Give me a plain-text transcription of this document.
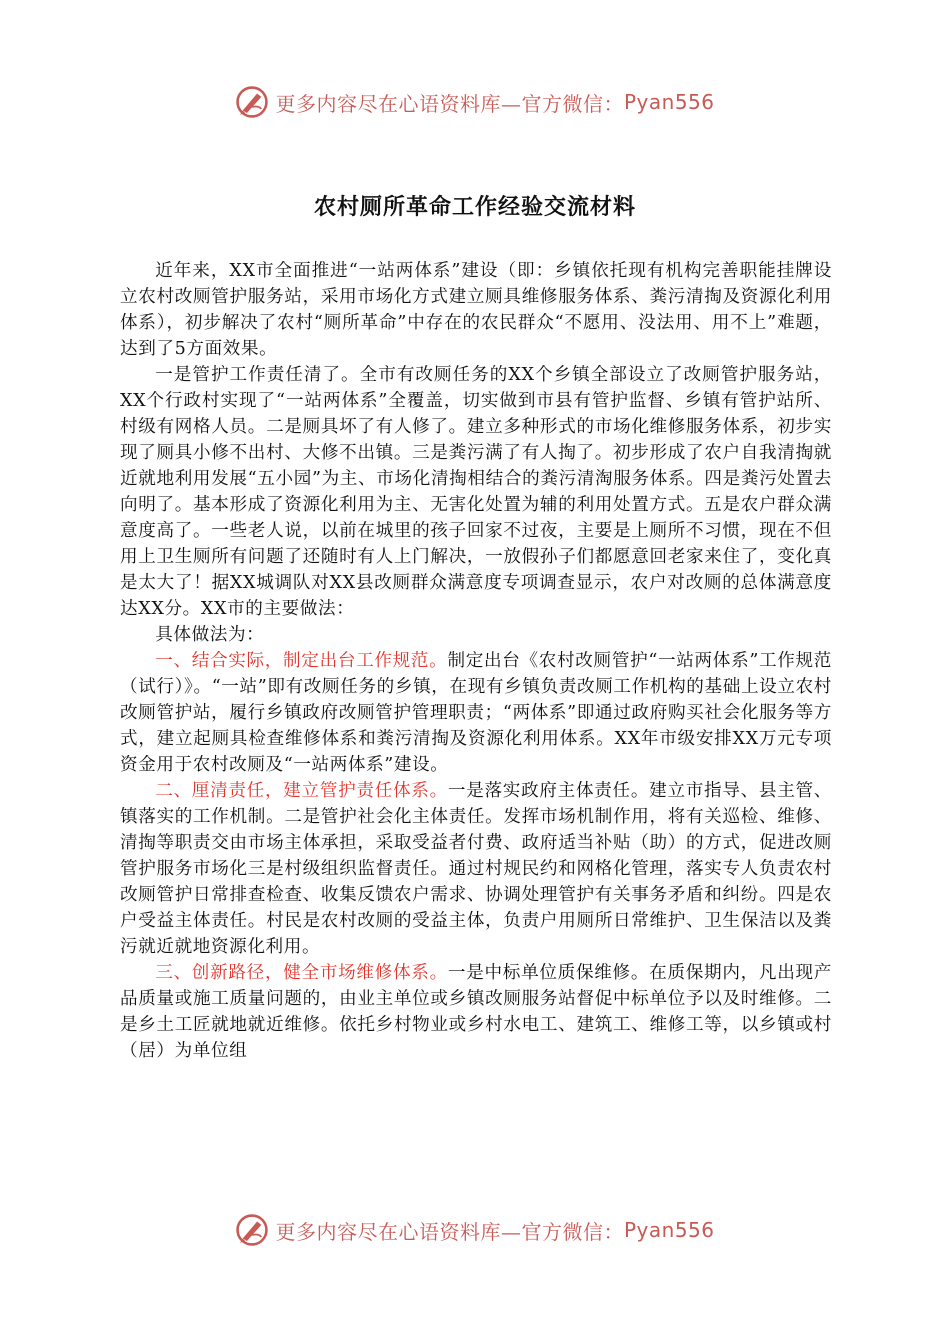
更多内容尽在心语资料库—官方微信： Pyan556
农村厕所革命工作经验交流材料

近年来，XX市全面推进“一站两体系”建设（即：乡镇依托现有机构完善职能挂牌设立农村改厕管护服务站，采用市场化方式建立厕具维修服务体系、粪污清掏及资源化利用体系），初步解决了农村“厕所革命”中存在的农民群众“不愿用、没法用、用不上”难题，达到了5方面效果。

一是管护工作责任清了。全市有改厕任务的XX个乡镇全部设立了改厕管护服务站，XX个行政村实现了“一站两体系”全覆盖，切实做到市县有管护监督、乡镇有管护站所、村级有网格人员。二是厕具坏了有人修了。建立多种形式的市场化维修服务体系，初步实现了厕具小修不出村、大修不出镇。三是粪污满了有人掏了。初步形成了农户自我清掏就近就地利用发展“五小园”为主、市场化清掏相结合的粪污清淘服务体系。四是粪污处置去向明了。基本形成了资源化利用为主、无害化处置为辅的利用处置方式。五是农户群众满意度高了。一些老人说，以前在城里的孩子回家不过夜，主要是上厕所不习惯，现在不但用上卫生厕所有问题了还随时有人上门解决，一放假孙子们都愿意回老家来住了，变化真是太大了！据XX城调队对XX县改厕群众满意度专项调查显示，农户对改厕的总体满意度达XX分。XX市的主要做法：

具体做法为：

一、结合实际，制定出台工作规范。制定出台《农村改厕管护“一站两体系”工作规范（试行）》。“一站”即有改厕任务的乡镇，在现有乡镇负责改厕工作机构的基础上设立农村改厕管护站，履行乡镇政府改厕管护管理职责；“两体系”即通过政府购买社会化服务等方式，建立起厕具检查维修体系和粪污清掏及资源化利用体系。XX年市级安排XX万元专项资金用于农村改厕及“一站两体系”建设。

二、厘清责任，建立管护责任体系。一是落实政府主体责任。建立市指导、县主管、镇落实的工作机制。二是管护社会化主体责任。发挥市场机制作用，将有关巡检、维修、清掏等职责交由市场主体承担，采取受益者付费、政府适当补贴（助）的方式，促进改厕管护服务市场化三是村级组织监督责任。通过村规民约和网格化管理，落实专人负责农村改厕管护日常排查检查、收集反馈农户需求、协调处理管护有关事务矛盾和纠纷。四是农户受益主体责任。村民是农村改厕的受益主体，负责户用厕所日常维护、卫生保洁以及粪污就近就地资源化利用。

三、创新路径，健全市场维修体系。一是中标单位质保维修。在质保期内，凡出现产品质量或施工质量问题的，由业主单位或乡镇改厕服务站督促中标单位予以及时维修。二是乡土工匠就地就近维修。依托乡村物业或乡村水电工、建筑工、维修工等，以乡镇或村（居）为单位组

更多内容尽在心语资料库—官方微信： Pyan556
